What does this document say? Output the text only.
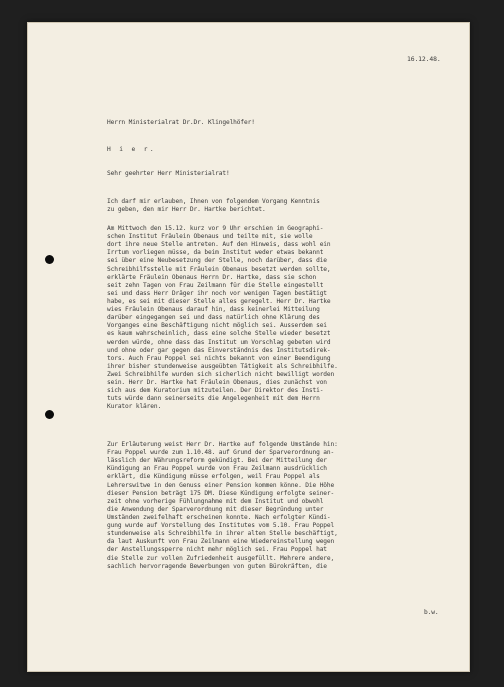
16.12.48.
Herrn Ministerialrat Dr.Dr. Klingelhöfer!
H i e r.
Sehr geehrter Herr Ministerialrat!
Ich darf mir erlauben, Ihnen von folgendem Vorgang Kenntnis
zu geben, den mir Herr Dr. Hartke berichtet.
Am Mittwoch den 15.12. kurz vor 9 Uhr erschien im Geographi-
schen Institut Fräulein Obenaus und teilte mit, sie wolle
dort ihre neue Stelle antreten. Auf den Hinweis, dass wohl ein
Irrtum vorliegen müsse, da beim Institut weder etwas bekannt
sei über eine Neubesetzung der Stelle, noch darüber, dass die
Schreibhilfsstelle mit Fräulein Obenaus besetzt werden sollte,
erklärte Fräulein Obenaus Herrn Dr. Hartke, dass sie schon
seit zehn Tagen von Frau Zeilmann für die Stelle eingestellt
sei und dass Herr Dräger ihr noch vor wenigen Tagen bestätigt
habe, es sei mit dieser Stelle alles geregelt. Herr Dr. Hartke
wies Fräulein Obenaus darauf hin, dass keinerlei Mitteilung
darüber eingegangen sei und dass natürlich ohne Klärung des
Vorganges eine Beschäftigung nicht möglich sei. Ausserdem sei
es kaum wahrscheinlich, dass eine solche Stelle wieder besetzt
werden würde, ohne dass das Institut um Vorschlag gebeten wird
und ohne oder gar gegen das Einverständnis des Institutsdirek-
tors. Auch Frau Poppel sei nichts bekannt von einer Beendigung
ihrer bisher stundenweise ausgeübten Tätigkeit als Schreibhilfe.
Zwei Schreibhilfe wurden sich sicherlich nicht bewilligt worden
sein. Herr Dr. Hartke hat Fräulein Obenaus, dies zunächst von
sich aus dem Kuratorium mitzuteilen. Der Direktor des Insti-
tuts würde dann seinerseits die Angelegenheit mit dem Herrn
Kurator klären.
Zur Erläuterung weist Herr Dr. Hartke auf folgende Umstände hin:
Frau Poppel wurde zum 1.10.48. auf Grund der Sparverordnung an-
lässlich der Währungsreform gekündigt. Bei der Mitteilung der
Kündigung an Frau Poppel wurde von Frau Zeilmann ausdrücklich
erklärt, die Kündigung müsse erfolgen, weil Frau Poppel als
Lehrerswitwe in den Genuss einer Pension kommen könne. Die Höhe
dieser Pension beträgt 175 DM. Diese Kündigung erfolgte seiner-
zeit ohne vorherige Fühlungnahme mit dem Institut und obwohl
die Anwendung der Sparverordnung mit dieser Begründung unter
Umständen zweifelhaft erscheinen konnte. Nach erfolgter Kündi-
gung wurde auf Vorstellung des Institutes vom 5.10. Frau Poppel
stundenweise als Schreibhilfe in ihrer alten Stelle beschäftigt,
da laut Auskunft von Frau Zeilmann eine Wiedereinstellung wegen
der Anstellungssperre nicht mehr möglich sei. Frau Poppel hat
die Stelle zur vollen Zufriedenheit ausgefüllt. Mehrere andere,
sachlich hervorragende Bewerbungen von guten Bürokräften, die
b.w.
